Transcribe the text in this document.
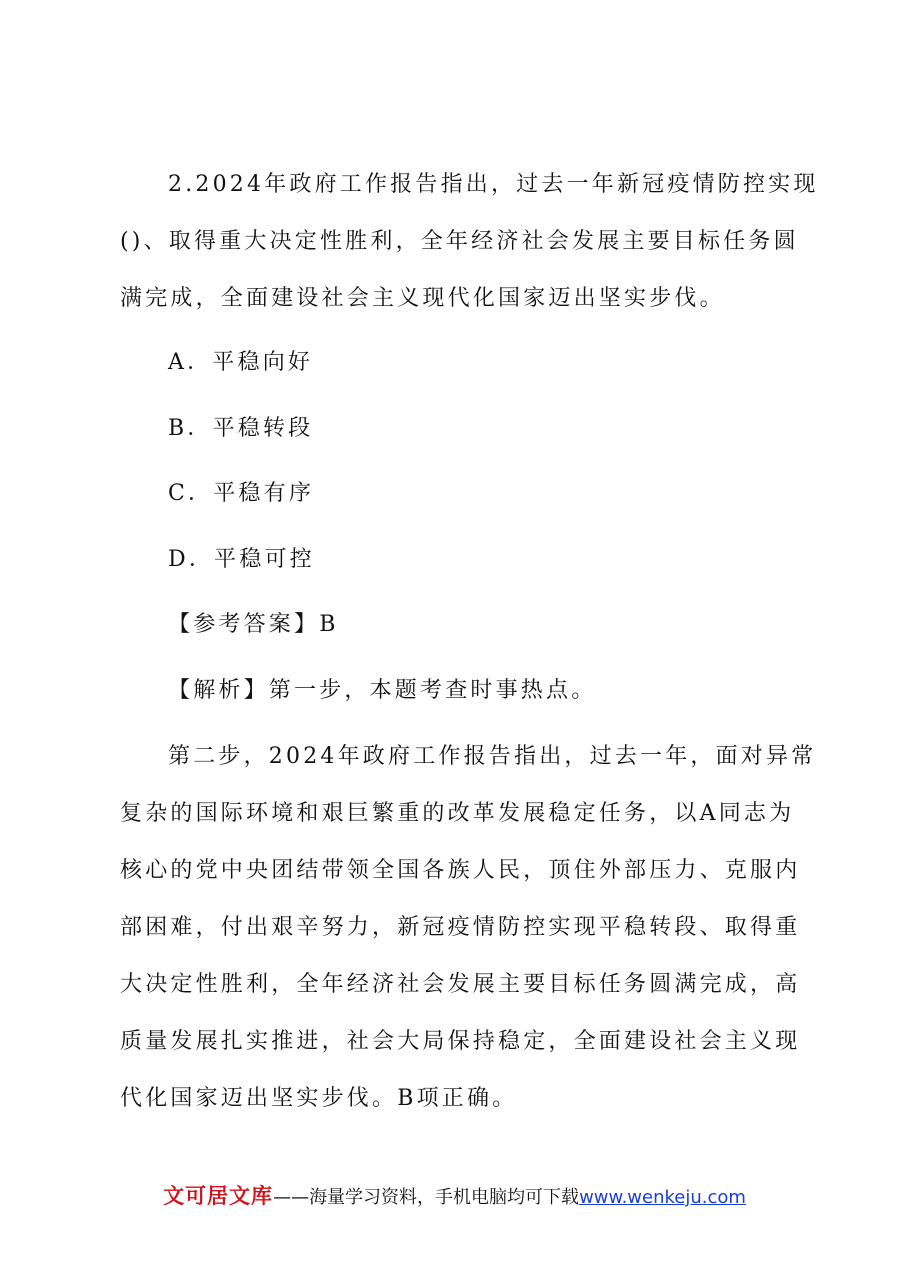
2.2024年政府工作报告指出，过去一年新冠疫情防控实现
()、取得重大决定性胜利，全年经济社会发展主要目标任务圆
满完成，全面建设社会主义现代化国家迈出坚实步伐。
A．平稳向好
B．平稳转段
C．平稳有序
D．平稳可控
【参考答案】B
【解析】第一步，本题考查时事热点。
第二步，2024年政府工作报告指出，过去一年，面对异常
复杂的国际环境和艰巨繁重的改革发展稳定任务，以A同志为
核心的党中央团结带领全国各族人民，顶住外部压力、克服内
部困难，付出艰辛努力，新冠疫情防控实现平稳转段、取得重
大决定性胜利，全年经济社会发展主要目标任务圆满完成，高
质量发展扎实推进，社会大局保持稳定，全面建设社会主义现
代化国家迈出坚实步伐。B项正确。
文可居文库——海量学习资料，手机电脑均可下载www.wenkeju.com
